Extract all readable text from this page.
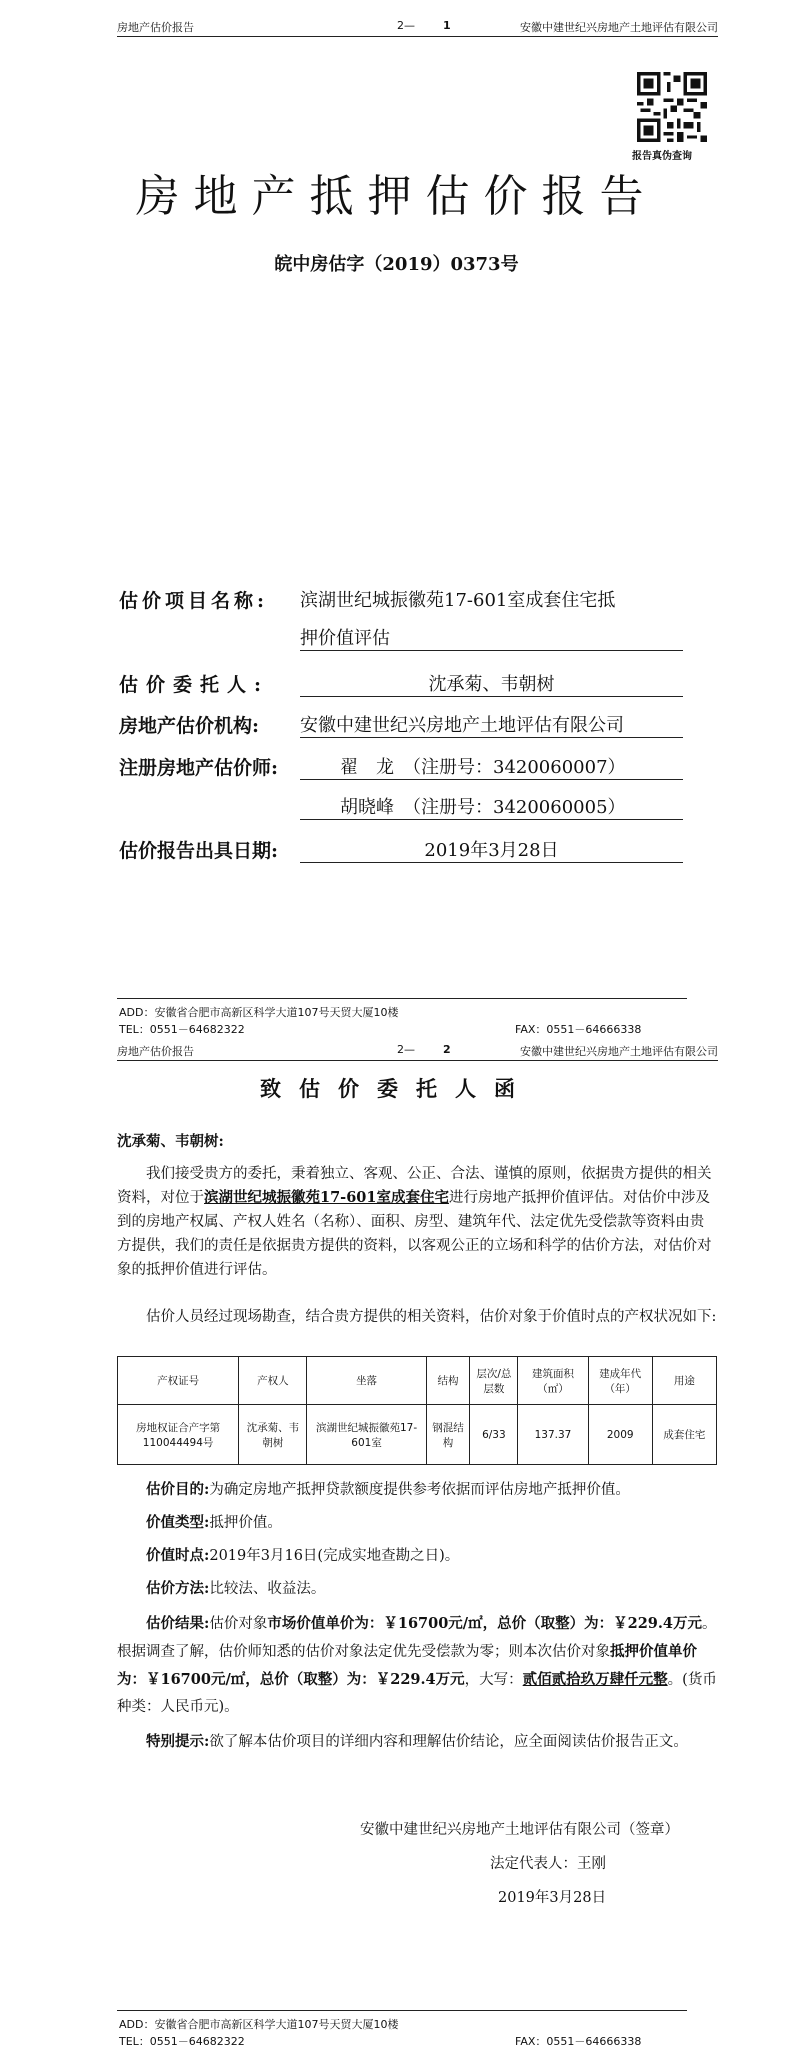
房地产估价报告	2—	1	安徽中建世纪兴房地产土地评估有限公司
报告真伪查询
房地产抵押估价报告
皖中房估字（2019）0373号
估价项目名称: 滨湖世纪城振徽苑17-601室成套住宅抵
押价值评估
估价委托人:	沈承菊、韦朝树
房地产估价机构: 安徽中建世纪兴房地产土地评估有限公司
注册房地产估价师:	翟　龙　（注册号：3420060007）
胡晓峰　（注册号：3420060005）
估价报告出具日期:	2019年3月28日
ADD：安徽省合肥市高新区科学大道107号天贸大厦10楼
TEL：0551－64682322	FAX：0551－64666338
房地产估价报告	2—	2	安徽中建世纪兴房地产土地评估有限公司
致估价委托人函
沈承菊、韦朝树:
我们接受贵方的委托，秉着独立、客观、公正、合法、谨慎的原则，依据贵方提供的相关资料，对位于滨湖世纪城振徽苑17-601室成套住宅进行房地产抵押价值评估。对估价中涉及到的房地产权属、产权人姓名（名称）、面积、房型、建筑年代、法定优先受偿款等资料由贵方提供，我们的责任是依据贵方提供的资料，以客观公正的立场和科学的估价方法，对估价对象的抵押价值进行评估。
估价人员经过现场勘查，结合贵方提供的相关资料，估价对象于价值时点的产权状况如下:
产权证号	产权人	坐落	结构	层次/总层数	建筑面积（㎡）	建成年代（年）	用途
房地权证合产字第110044494号	沈承菊、韦朝树	滨湖世纪城振徽苑17-601室	钢混结构	6/33	137.37	2009	成套住宅
估价目的:为确定房地产抵押贷款额度提供参考依据而评估房地产抵押价值。
价值类型:抵押价值。
价值时点:2019年3月16日(完成实地查勘之日)。
估价方法:比较法、收益法。
估价结果:估价对象市场价值单价为：￥16700元/㎡，总价（取整）为：￥229.4万元。根据调查了解，估价师知悉的估价对象法定优先受偿款为零；则本次估价对象抵押价值单价为：￥16700元/㎡，总价（取整）为：￥229.4万元，大写：贰佰贰拾玖万肆仟元整。(货币种类：人民币元)。
特别提示:欲了解本估价项目的详细内容和理解估价结论，应全面阅读估价报告正文。
安徽中建世纪兴房地产土地评估有限公司（签章）
法定代表人：王刚
2019年3月28日
ADD：安徽省合肥市高新区科学大道107号天贸大厦10楼
TEL：0551－64682322	FAX：0551－64666338
